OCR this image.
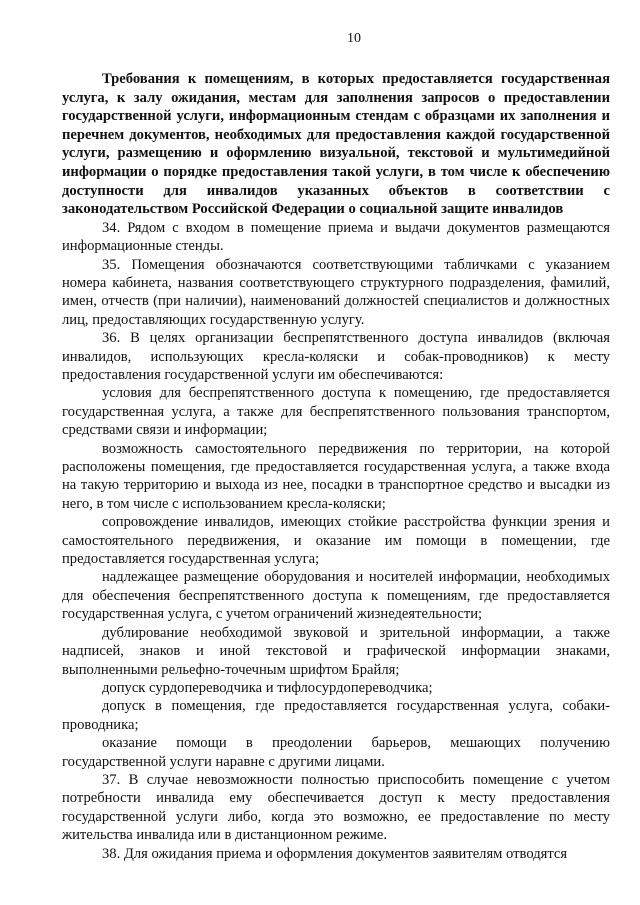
10

Требования к помещениям, в которых предоставляется государственная услуга, к залу ожидания, местам для заполнения запросов о предоставлении государственной услуги, информационным стендам с образцами их заполнения и перечнем документов, необходимых для предоставления каждой государственной услуги, размещению и оформлению визуальной, текстовой и мультимедийной информации о порядке предоставления такой услуги, в том числе к обеспечению доступности для инвалидов указанных объектов в соответствии с законодательством Российской Федерации о социальной защите инвалидов

34. Рядом с входом в помещение приема и выдачи документов размещаются информационные стенды.

35. Помещения обозначаются соответствующими табличками с указанием номера кабинета, названия соответствующего структурного подразделения, фамилий, имен, отчеств (при наличии), наименований должностей специалистов и должностных лиц, предоставляющих государственную услугу.

36. В целях организации беспрепятственного доступа инвалидов (включая инвалидов, использующих кресла-коляски и собак-проводников) к месту предоставления государственной услуги им обеспечиваются:

условия для беспрепятственного доступа к помещению, где предоставляется государственная услуга, а также для беспрепятственного пользования транспортом, средствами связи и информации;

возможность самостоятельного передвижения по территории, на которой расположены помещения, где предоставляется государственная услуга, а также входа на такую территорию и выхода из нее, посадки в транспортное средство и высадки из него, в том числе с использованием кресла-коляски;

сопровождение инвалидов, имеющих стойкие расстройства функции зрения и самостоятельного передвижения, и оказание им помощи в помещении, где предоставляется государственная услуга;

надлежащее размещение оборудования и носителей информации, необходимых для обеспечения беспрепятственного доступа к помещениям, где предоставляется государственная услуга, с учетом ограничений жизнедеятельности;

дублирование необходимой звуковой и зрительной информации, а также надписей, знаков и иной текстовой и графической информации знаками, выполненными рельефно-точечным шрифтом Брайля;

допуск сурдопереводчика и тифлосурдопереводчика;

допуск в помещения, где предоставляется государственная услуга, собаки-проводника;

оказание помощи в преодолении барьеров, мешающих получению государственной услуги наравне с другими лицами.

37. В случае невозможности полностью приспособить помещение с учетом потребности инвалида ему обеспечивается доступ к месту предоставления государственной услуги либо, когда это возможно, ее предоставление по месту жительства инвалида или в дистанционном режиме.

38. Для ожидания приема и оформления документов заявителям отводятся
